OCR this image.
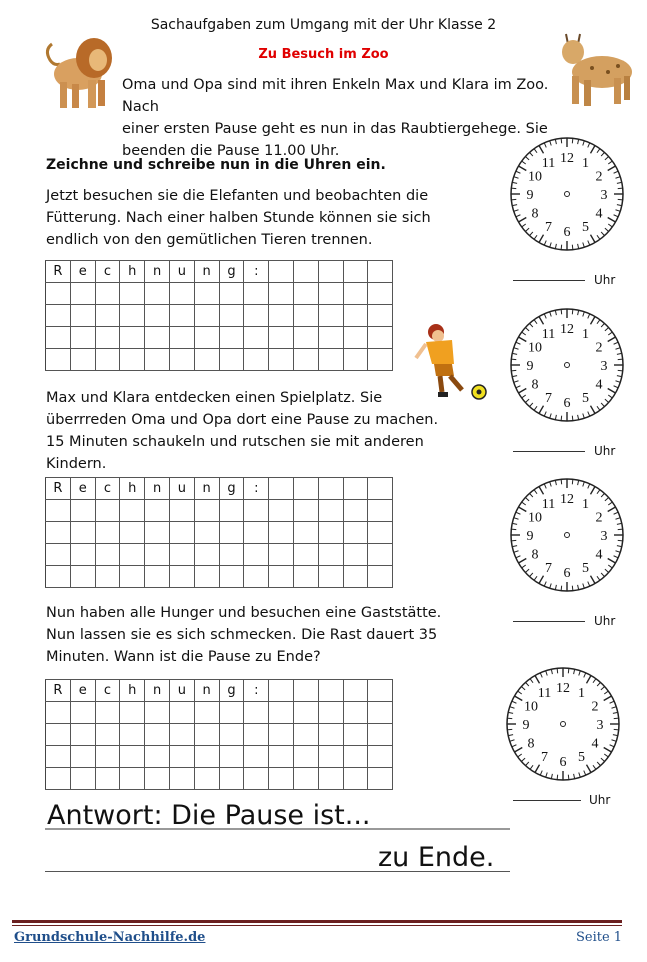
Sachaufgaben zum Umgang mit der Uhr Klasse 2
Zu Besuch im Zoo
Oma und Opa sind mit ihren Enkeln Max und Klara im Zoo. Nach
einer ersten Pause geht es nun in das Raubtiergehege. Sie
beenden die Pause 11.00 Uhr.
Zeichne und schreibe nun in die Uhren ein.
Jetzt besuchen sie die Elefanten und beobachten die
Fütterung. Nach einer halben Stunde können sie sich
endlich von den gemütlichen Tieren trennen.
R	e	c	h	n	u	n	g	:					

Max und Klara entdecken einen Spielplatz. Sie
überrreden Oma und Opa dort eine Pause zu machen.
15 Minuten schaukeln und rutschen sie mit anderen
Kindern.
R	e	c	h	n	u	n	g	:					

Nun haben alle Hunger und besuchen eine Gaststätte.
Nun lassen sie es sich schmecken. Die Rast dauert 35
Minuten. Wann ist die Pause zu Ende?
R	e	c	h	n	u	n	g	:					

12 1
2
3
4
5
6
7
8
9
10
11
Uhr
12 1
2
3
4
5
6
7
8
9
10
11
Uhr
12 1
2
3
4
5
6
7
8
9
10
11
Uhr
12 1
2
3
4
5
6
7
8
9
10
11
Uhr
Antwort: Die Pause ist...
zu Ende.
Grundschule-Nachhilfe.de	Seite 1
